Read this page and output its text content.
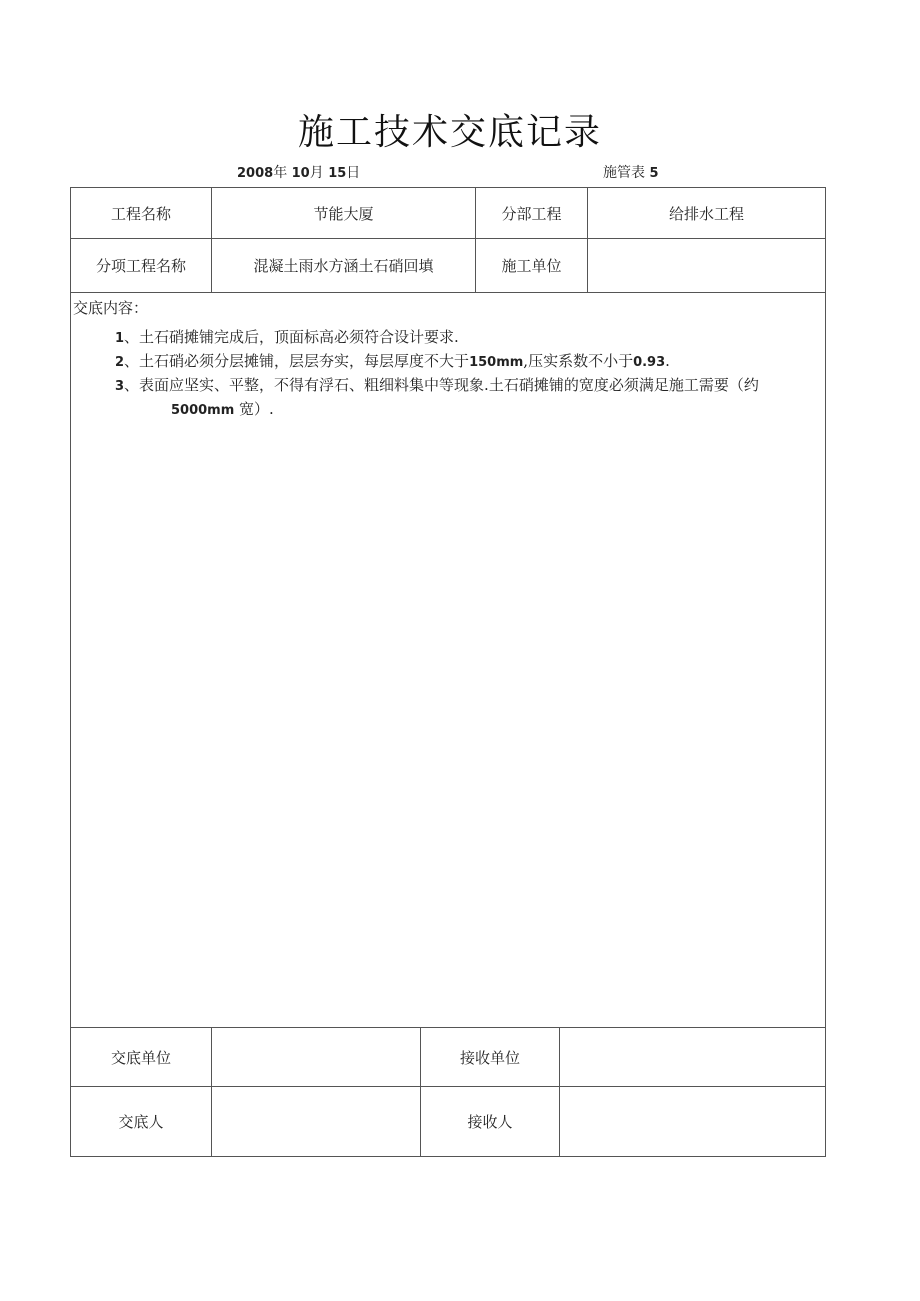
施工技术交底记录
2008年 10月 15日	施管表 5
工程名称	节能大厦	分部工程	给排水工程
分项工程名称	混凝土雨水方涵土石硝回填	施工单位
交底内容：
1、土石硝摊铺完成后，顶面标高必须符合设计要求.
2、土石硝必须分层摊铺，层层夯实，每层厚度不大于150mm,压实系数不小于0.93.
3、表面应坚实、平整，不得有浮石、粗细料集中等现象.土石硝摊铺的宽度必须满足施工需要（约
5000mm 宽）.
交底单位	接收单位
交底人	接收人
